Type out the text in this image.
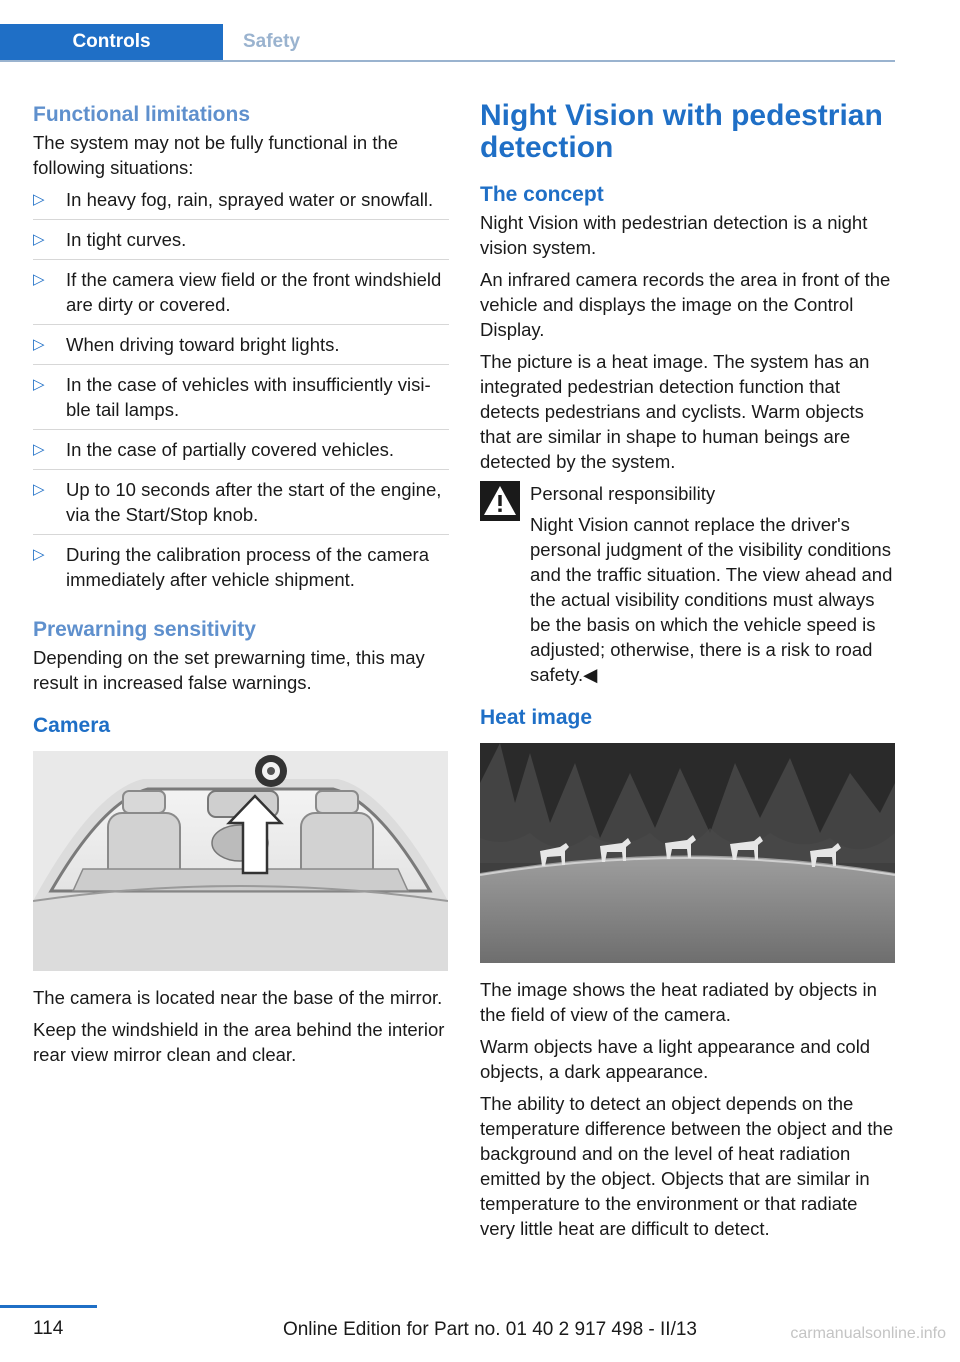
Controls	Safety
Functional limitations

The system may not be fully functional in the following situations:

▷ In heavy fog, rain, sprayed water or snowfall.
▷ In tight curves.
▷ If the camera view field or the front windshield are dirty or covered.
▷ When driving toward bright lights.
▷ In the case of vehicles with insufficiently visible tail lamps.
▷ In the case of partially covered vehicles.
▷ Up to 10 seconds after the start of the engine, via the Start/Stop knob.
▷ During the calibration process of the camera immediately after vehicle shipment.
Prewarning sensitivity

Depending on the set prewarning time, this may result in increased false warnings.

Camera

The camera is located near the base of the mirror.

Keep the windshield in the area behind the interior rear view mirror clean and clear.

Night Vision with pedestrian detection
The concept

Night Vision with pedestrian detection is a night vision system.

An infrared camera records the area in front of the vehicle and displays the image on the Control Display.

The picture is a heat image. The system has an integrated pedestrian detection function that detects pedestrians and cyclists. Warm objects that are similar in shape to human beings are detected by the system.

Personal responsibility

Night Vision cannot replace the driver's personal judgment of the visibility conditions and the traffic situation. The view ahead and the actual visibility conditions must always be the basis on which the vehicle speed is adjusted; otherwise, there is a risk to road safety.◀

Heat image

The image shows the heat radiated by objects in the field of view of the camera.

Warm objects have a light appearance and cold objects, a dark appearance.

The ability to detect an object depends on the temperature difference between the object and the background and on the level of heat radiation emitted by the object. Objects that are similar in temperature to the environment or that radiate very little heat are difficult to detect.

114	Online Edition for Part no. 01 40 2 917 498 - II/13	carmanualsonline.info
